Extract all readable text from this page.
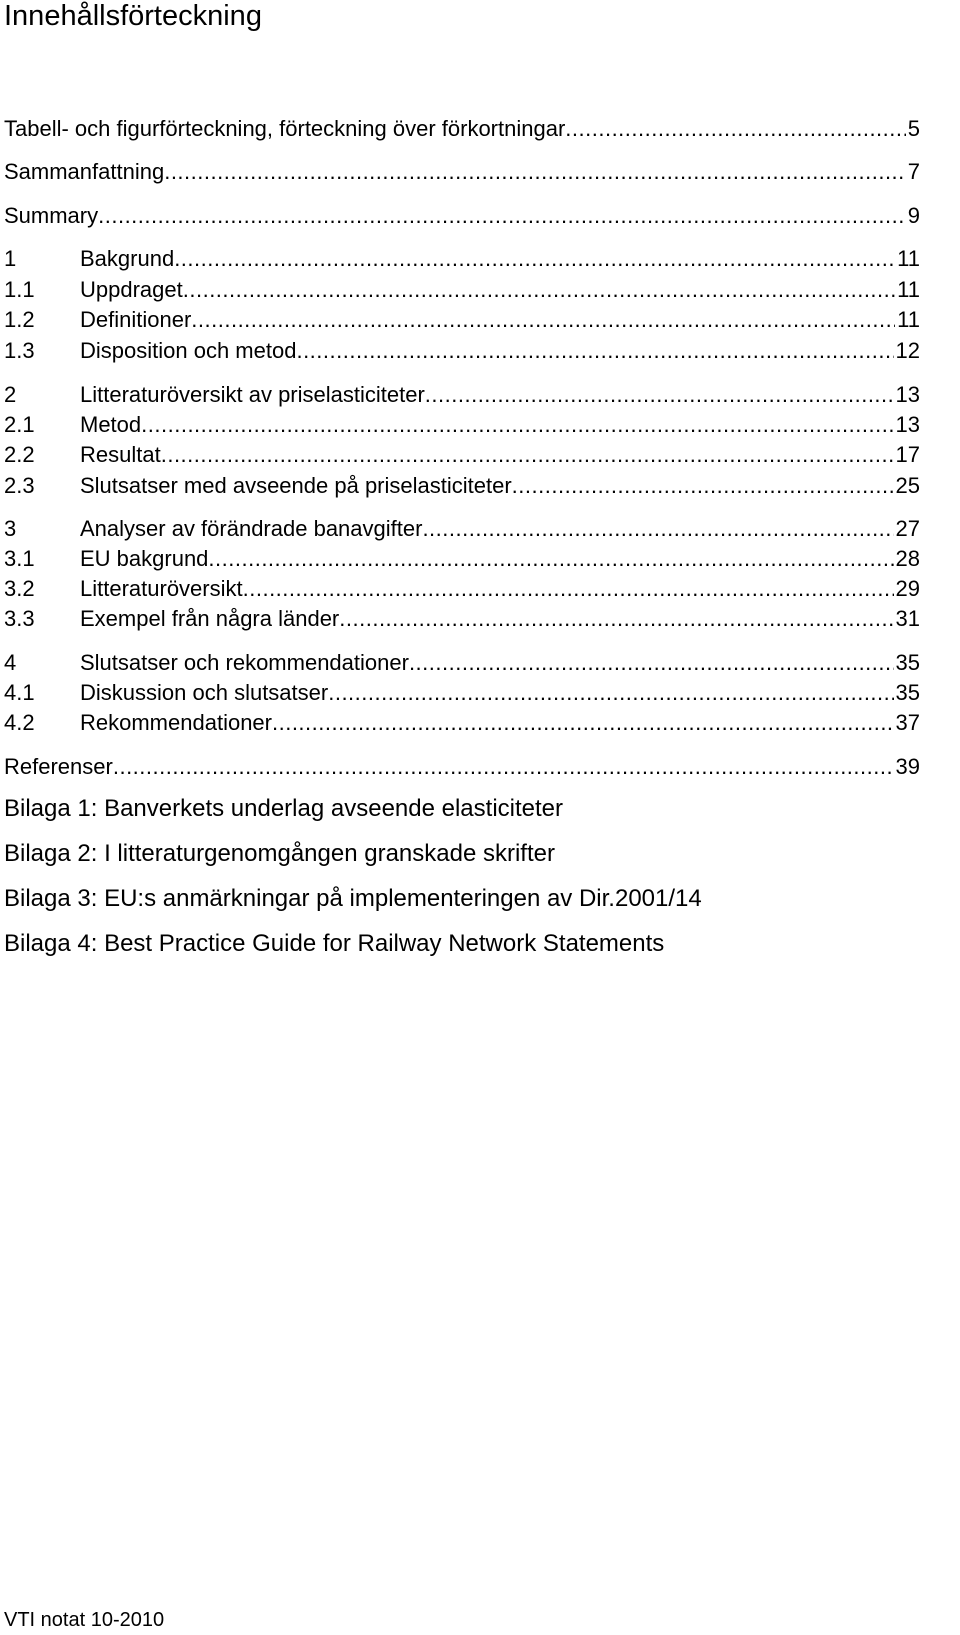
Innehållsförteckning
Tabell- och figurförteckning, förteckning över förkortningar .....	5
Sammanfattning .....	7
Summary .....	9
1	Bakgrund .....	11
1.1	Uppdraget .....	11
1.2	Definitioner .....	11
1.3	Disposition och metod .....	12
2	Litteraturöversikt av priselasticiteter .....	13
2.1	Metod .....	13
2.2	Resultat .....	17
2.3	Slutsatser med avseende på priselasticiteter .....	25
3	Analyser av förändrade banavgifter .....	27
3.1	EU bakgrund .....	28
3.2	Litteraturöversikt .....	29
3.3	Exempel från några länder .....	31
4	Slutsatser och rekommendationer .....	35
4.1	Diskussion och slutsatser .....	35
4.2	Rekommendationer .....	37
Referenser .....	39
Bilaga 1: Banverkets underlag avseende elasticiteter
Bilaga 2: I litteraturgenomgången granskade skrifter
Bilaga 3: EU:s anmärkningar på implementeringen av Dir.2001/14
Bilaga 4: Best Practice Guide for Railway Network Statements
VTI notat 10-2010
